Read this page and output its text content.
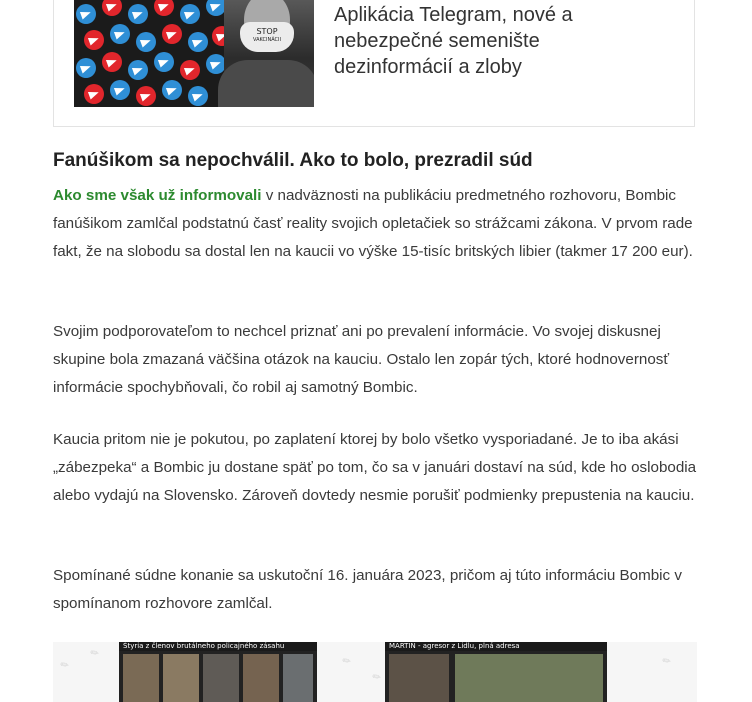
STOP
VAKCINÁCII
Aplikácia Telegram, nové a nebezpečné semenište dezinformácií a zloby
Fanúšikom sa nepochválil. Ako to bolo, prezradil súd

Ako sme však už informovali v nadväznosti na publikáciu predmetného rozhovoru, Bombic fanúšikom zamlčal podstatnú časť reality svojich opletačiek so strážcami zákona. V prvom rade fakt, že na slobodu sa dostal len na kaucii vo výške 15-tisíc britských libier (takmer 17 200 eur).

Svojim podporovateľom to nechcel priznať ani po prevalení informácie. Vo svojej diskusnej skupine bola zmazaná väčšina otázok na kauciu. Ostalo len zopár tých, ktoré hodnovernosť informácie spochybňovali, čo robil aj samotný Bombic.

Kaucia pritom nie je pokutou, po zaplatení ktorej by bolo všetko vysporiadané. Je to iba akási „zábezpeka“ a Bombic ju dostane späť po tom, čo sa v januári dostaví na súd, kde ho oslobodia alebo vydajú na Slovensko. Zároveň dovtedy nesmie porušiť podmienky prepustenia na kauciu.

Spomínané súdne konanie sa uskutoční 16. januára 2023, pričom aj túto informáciu Bombic v spomínanom rozhovore zamlčal.

✎
✎
✎
✎
✎
Štyria z členov brutálneho policajného zásahu	MARTIN - agresor z Lidlu, plná adresa
